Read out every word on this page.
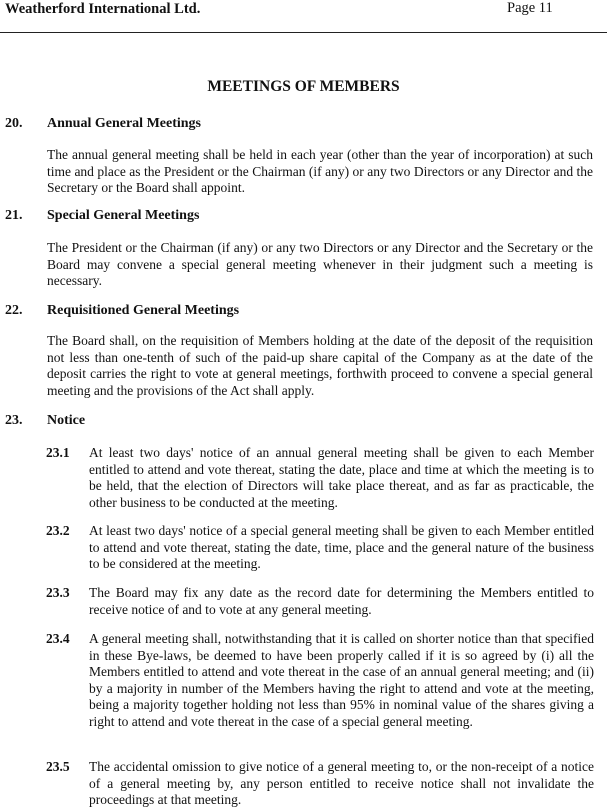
Weatherford International Ltd.	Page 11
MEETINGS OF MEMBERS
20. Annual General Meetings

The annual general meeting shall be held in each year (other than the year of incorporation) at such time and place as the President or the Chairman (if any) or any two Directors or any Director and the Secretary or the Board shall appoint.

21. Special General Meetings

The President or the Chairman (if any) or any two Directors or any Director and the Secretary or the Board may convene a special general meeting whenever in their judgment such a meeting is necessary.

22. Requisitioned General Meetings

The Board shall, on the requisition of Members holding at the date of the deposit of the requisition not less than one-tenth of such of the paid-up share capital of the Company as at the date of the deposit carries the right to vote at general meetings, forthwith proceed to convene a special general meeting and the provisions of the Act shall apply.

23. Notice
23.1 At least two days' notice of an annual general meeting shall be given to each Member entitled to attend and vote thereat, stating the date, place and time at which the meeting is to be held, that the election of Directors will take place thereat, and as far as practicable, the other business to be conducted at the meeting.

23.2 At least two days' notice of a special general meeting shall be given to each Member entitled to attend and vote thereat, stating the date, time, place and the general nature of the business to be considered at the meeting.

23.3 The Board may fix any date as the record date for determining the Members entitled to receive notice of and to vote at any general meeting.

23.4 A general meeting shall, notwithstanding that it is called on shorter notice than that specified in these Bye-laws, be deemed to have been properly called if it is so agreed by (i) all the Members entitled to attend and vote thereat in the case of an annual general meeting; and (ii) by a majority in number of the Members having the right to attend and vote at the meeting, being a majority together holding not less than 95% in nominal value of the shares giving a right to attend and vote thereat in the case of a special general meeting.

23.5 The accidental omission to give notice of a general meeting to, or the non-receipt of a notice of a general meeting by, any person entitled to receive notice shall not invalidate the proceedings at that meeting.
